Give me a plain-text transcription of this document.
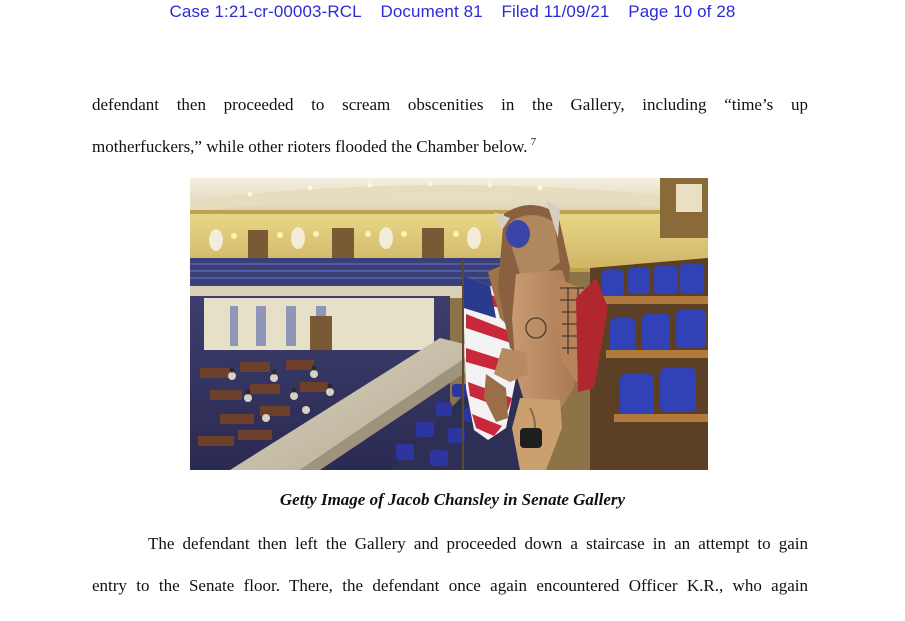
Case 1:21-cr-00003-RCL Document 81 Filed 11/09/21 Page 10 of 28
defendant then proceeded to scream obscenities in the Gallery, including “time’s up
motherfuckers,” while other rioters flooded the Chamber below. $^7$
Getty Image of Jacob Chansley in Senate Gallery
The defendant then left the Gallery and proceeded down a staircase in an attempt to gain
entry to the Senate floor. There, the defendant once again encountered Officer K.R., who again
